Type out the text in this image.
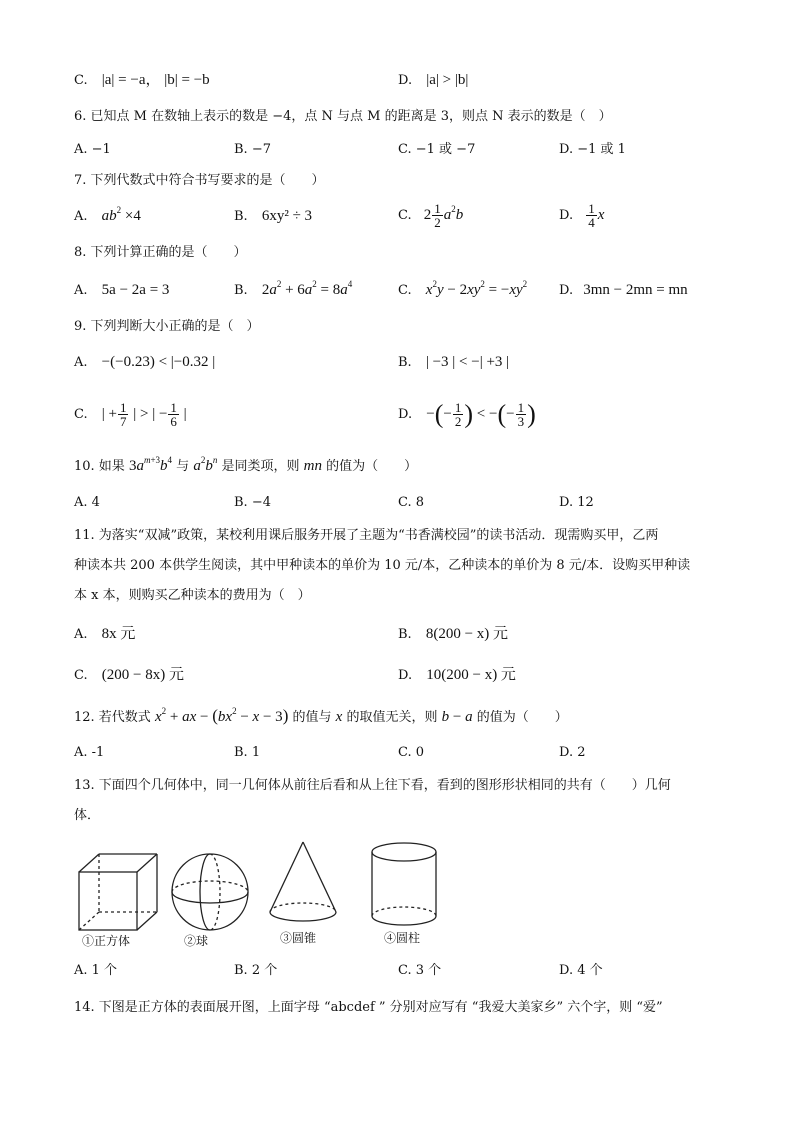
C. |a| = −a， |b| = −b	D. |a| > |b|
6. 已知点 M 在数轴上表示的数是 −4，点 N 与点 M 的距离是 3，则点 N 表示的数是（　）
A. −1	B. −7	C. −1 或 −7	D. −1 或 1
7. 下列代数式中符合书写要求的是（　　）
A. $ab^2 \times 4$	B. 6xy² ÷ 3	C. $2 \frac{1}{2} a^2b$	D. $\frac{1}{4}$ x
8. 下列计算正确的是（　　）
A. 5a − 2a = 3	B. $2a^2 + 6a^2 = 8a^4$	C. $x^2y - 2xy^2 = -xy^2$ D. 3mn − 2mn = mn
9. 下列判断大小正确的是（　）
A. −(−0.23) < |−0.32 |	B. | −3 | < −| +3 |
C. | + $\frac{1}{7}$ | > | − $\frac{1}{6}$ |	D. −(− $\frac{1}{2}$ ) < −(− $\frac{1}{3}$ )
10. 如果 $3a^{m+3}b^4$ 与 $a^2b^n$ 是同类项，则 mn 的值为（　　）
A. 4	B. −4	C. 8	D. 12
11. 为落实“双减”政策，某校利用课后服务开展了主题为“书香满校园”的读书活动．现需购买甲，乙两
种读本共 200 本供学生阅读，其中甲种读本的单价为 10 元/本，乙种读本的单价为 8 元/本．设购买甲种读
本 x 本，则购买乙种读本的费用为（　）
A. 8x 元	B. 8(200 − x) 元
C. (200 − 8x) 元	D. 10(200 − x) 元
12. 若代数式 $x^2$ + ax − $(bx^2 - x - 3)$ 的值与 x 的取值无关，则 b − a 的值为（　　）
A. -1	B. 1	C. 0	D. 2
13. 下面四个几何体中，同一几何体从前往后看和从上往下看，看到的图形形状相同的共有（　　）几何
体．
①正方体	②球	③圆锥	④圆柱
A. 1 个	B. 2 个	C. 3 个	D. 4 个
14. 下图是正方体的表面展开图，上面字母 “abcdef ” 分别对应写有 “我爱大美家乡” 六个字，则 “爱”
